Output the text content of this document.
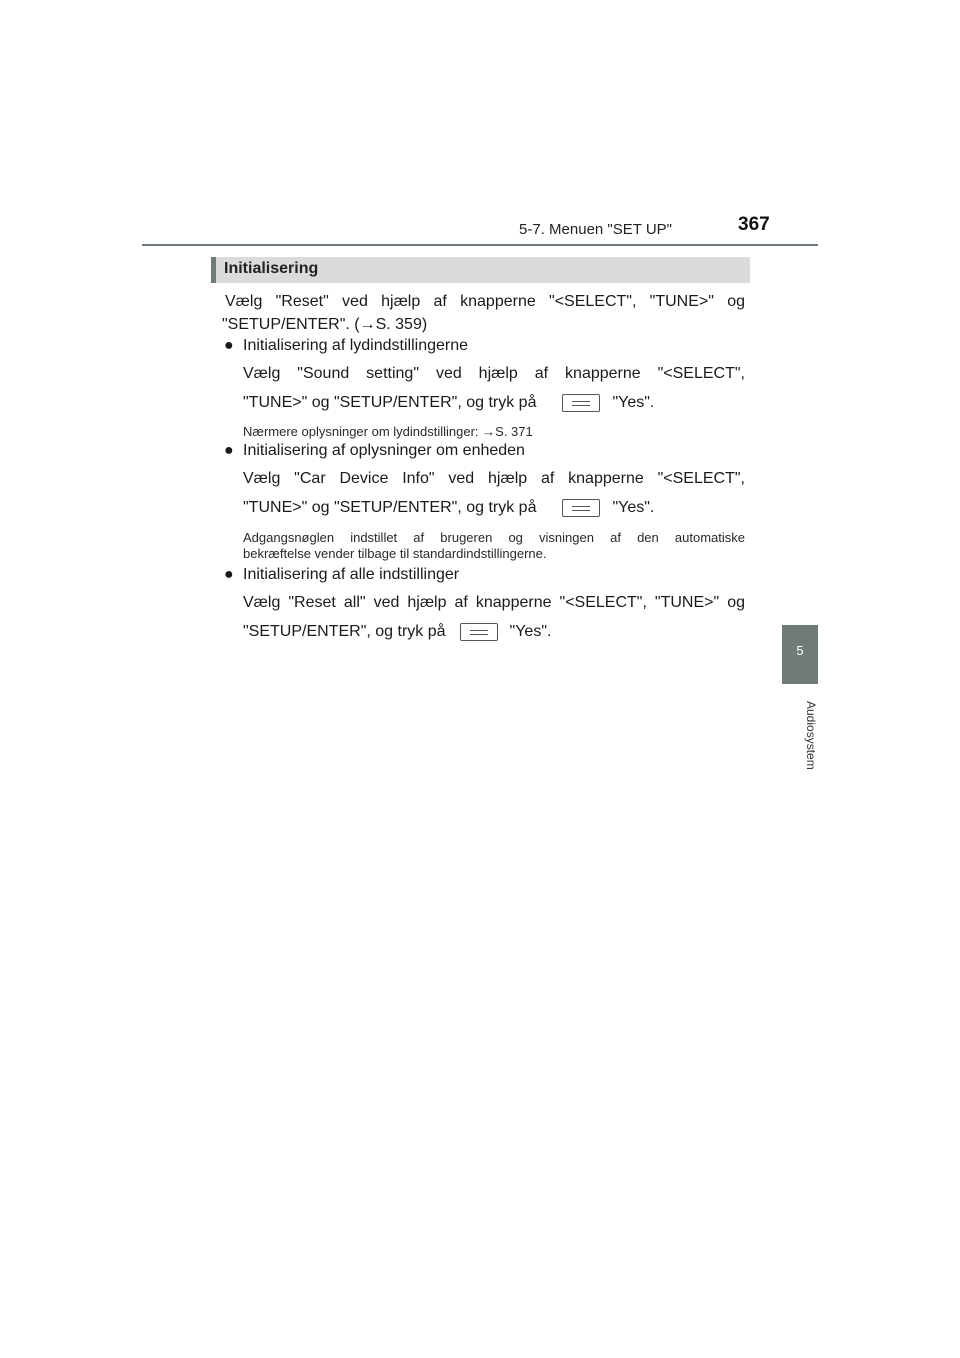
5-7. Menuen "SET UP"	367
5
Audiosystem
Initialisering
Vælg "Reset" ved hjælp af knapperne "<SELECT", "TUNE>" og
"SETUP/ENTER". (→S. 359)
● Initialisering af lydindstillingerne
Vælg "Sound setting" ved hjælp af knapperne "<SELECT",
"TUNE>" og "SETUP/ENTER", og tryk på	"Yes".
Nærmere oplysninger om lydindstillinger: →S. 371
● Initialisering af oplysninger om enheden
Vælg "Car Device Info" ved hjælp af knapperne "<SELECT",
"TUNE>" og "SETUP/ENTER", og tryk på	"Yes".
Adgangsnøglen indstillet af brugeren og visningen af den automatiske
bekræftelse vender tilbage til standardindstillingerne.
● Initialisering af alle indstillinger
Vælg "Reset all" ved hjælp af knapperne "<SELECT", "TUNE>" og
"SETUP/ENTER", og tryk på	"Yes".
